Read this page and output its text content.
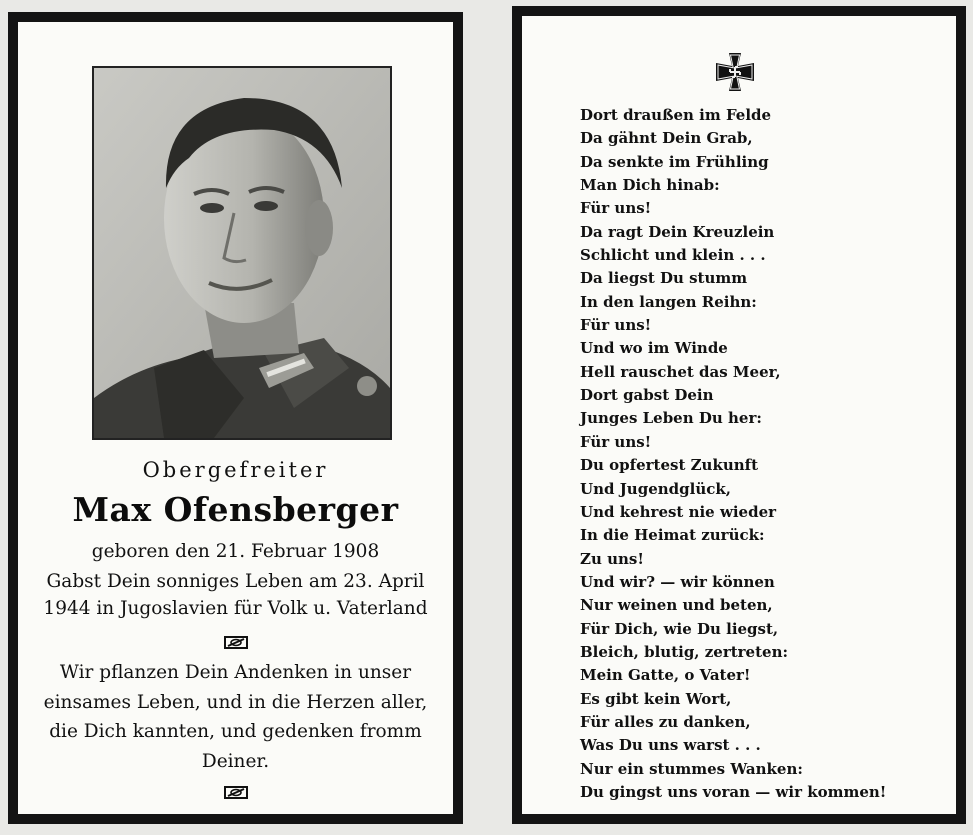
Obergefreiter
Max Ofensberger
geboren den 21. Februar 1908
Gabst Dein sonniges Leben am 23. April
1944 in Jugoslavien für Volk u. Vaterland
Wir pflanzen Dein Andenken in unser
einsames Leben, und in die Herzen aller,
die Dich kannten, und gedenken fromm
Deiner.
Dort draußen im Felde
Da gähnt Dein Grab,
Da senkte im Frühling
Man Dich hinab:
Für uns!
Da ragt Dein Kreuzlein
Schlicht und klein . . .
Da liegst Du stumm
In den langen Reihn:
Für uns!
Und wo im Winde
Hell rauschet das Meer,
Dort gabst Dein
Junges Leben Du her:
Für uns!
Du opfertest Zukunft
Und Jugendglück,
Und kehrest nie wieder
In die Heimat zurück:
Zu uns!
Und wir? — wir können
Nur weinen und beten,
Für Dich, wie Du liegst,
Bleich, blutig, zertreten:
Mein Gatte, o Vater!
Es gibt kein Wort,
Für alles zu danken,
Was Du uns warst . . .
Nur ein stummes Wanken:
Du gingst uns voran — wir kommen!
